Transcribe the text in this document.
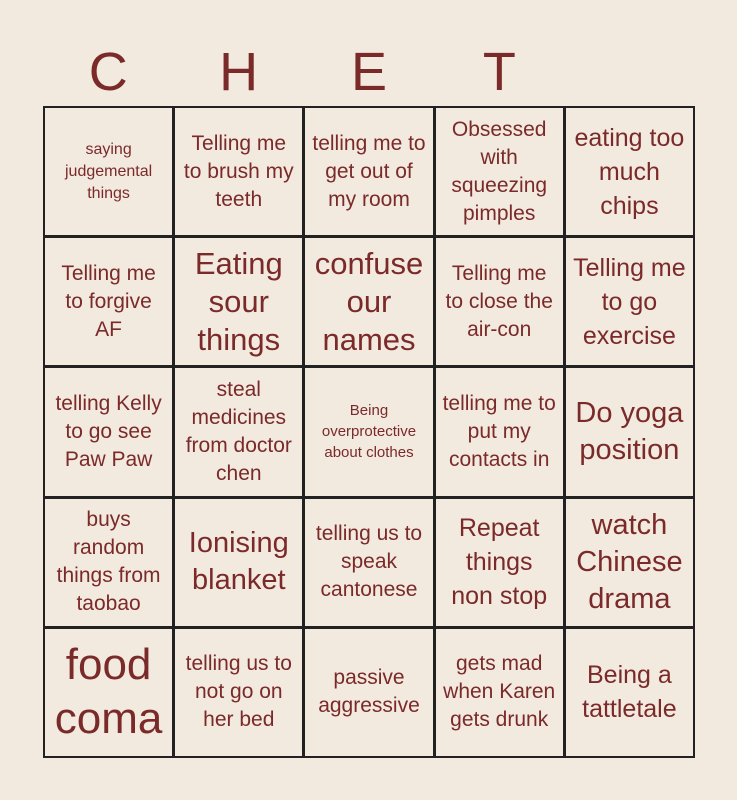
C	H	E	T
saying judgemental things
Telling me to brush my teeth
telling me to get out of my room
Obsessed with squeezing pimples
eating too much chips
Telling me to forgive AF
Eating sour things
confuse our names
Telling me to close the air-con
Telling me to go exercise
telling Kelly to go see Paw Paw
steal medicines from doctor chen
Being overprotective about clothes
telling me to put my contacts in
Do yoga position
buys random things from taobao
Ionising blanket
telling us to speak cantonese
Repeat things non stop
watch Chinese drama
food coma
telling us to not go on her bed
passive aggressive
gets mad when Karen gets drunk
Being a tattletale
